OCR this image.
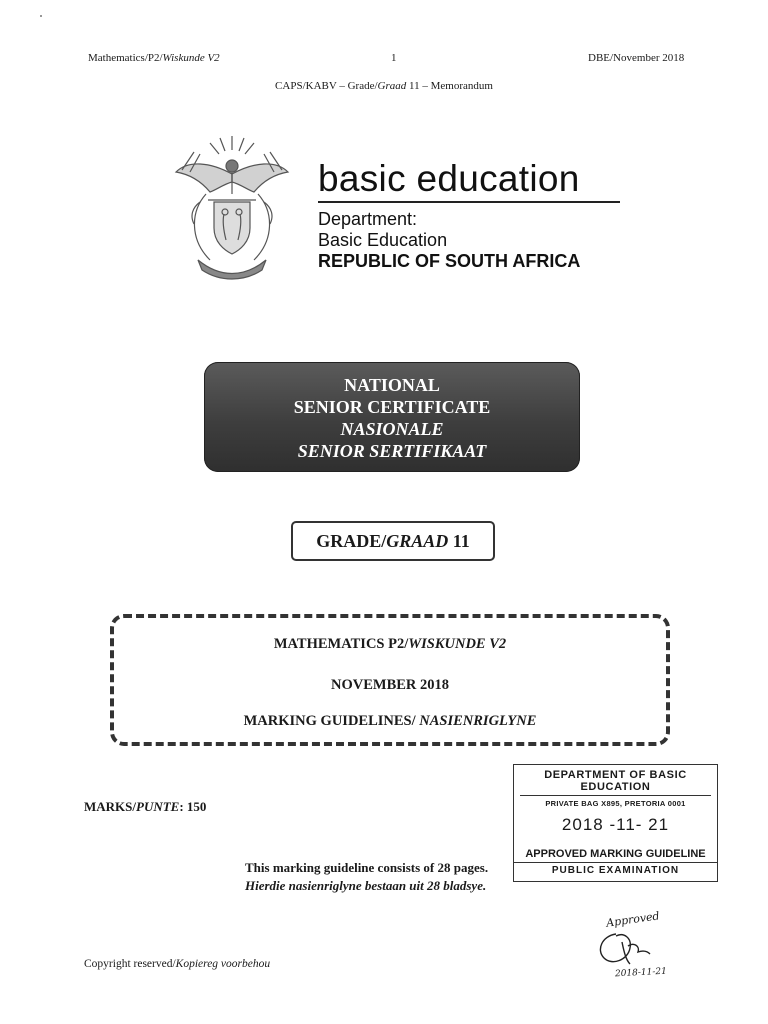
Mathematics/P2/Wiskunde V2	1	DBE/November 2018
CAPS/KABV – Grade/Graad 11 – Memorandum
basic education
Department:
Basic Education
REPUBLIC OF SOUTH AFRICA
NATIONAL
SENIOR CERTIFICATE
NASIONALE
SENIOR SERTIFIKAAT
GRADE/GRAAD 11
MATHEMATICS P2/WISKUNDE V2
NOVEMBER 2018
MARKING GUIDELINES/ NASIENRIGLYNE
MARKS/PUNTE: 150
DEPARTMENT OF BASIC
EDUCATION
PRIVATE BAG X895, PRETORIA 0001
2018 -11- 21
APPROVED MARKING GUIDELINE
PUBLIC EXAMINATION
This marking guideline consists of 28 pages.
Hierdie nasienriglyne bestaan uit 28 bladsye.
Copyright reserved/Kopiereg voorbehou
Approved
2018-11-21
